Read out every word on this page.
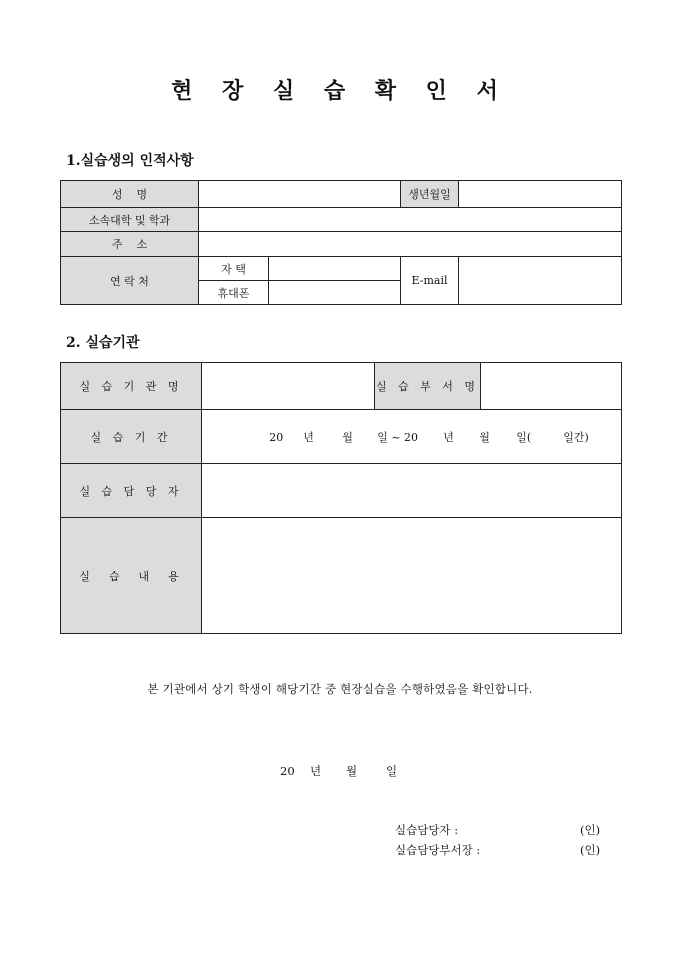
현 장 실 습 확 인 서
1.실습생의 인적사항
성    명			생년월일	
소속대학 및 학과				
주    소				
연 락 처	자 택		E-mail	
	휴대폰			
2. 실습기관
실 습 기 관 명		실 습 부 서 명	
실 습 기 간	20 년 월 일 ~ 20 년 월 일( 일간)		

실 습 담 당 자			
실  습  내  용			
본 기관에서 상기 학생이 해당기간 중 현장실습을 수행하였음을 확인합니다.
20 년 월	일
실습담당자 :	(인)
실습담당부서장 :	(인)
